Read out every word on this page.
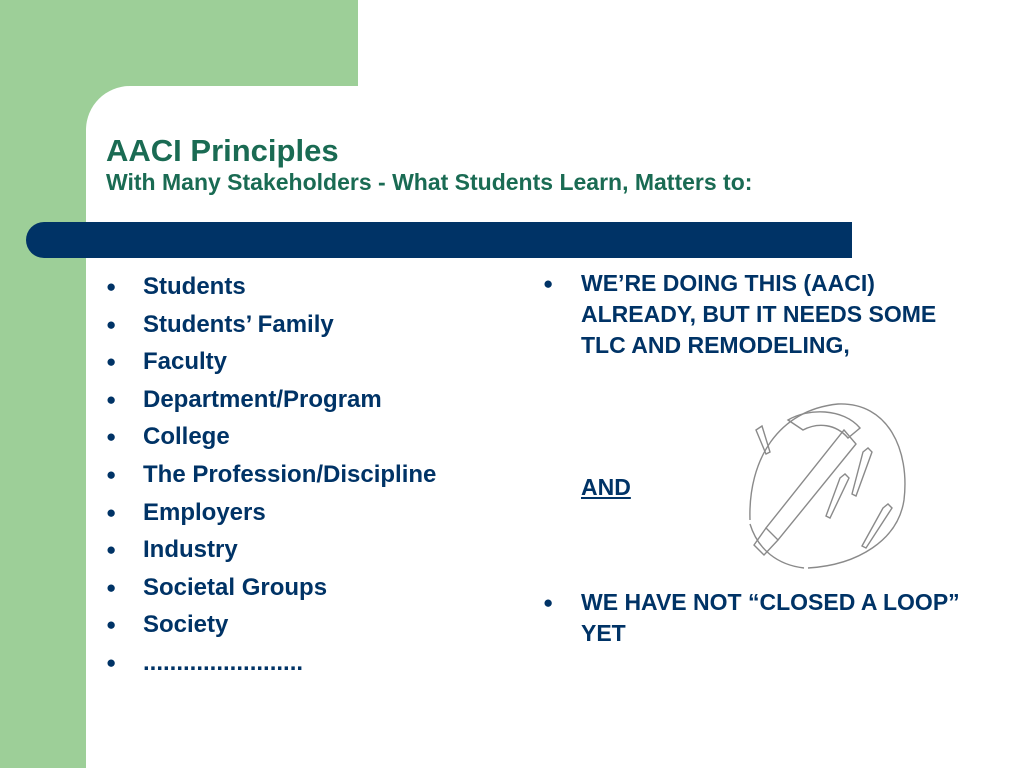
AACI Principles
With Many Stakeholders - What Students Learn, Matters to:
● Students
● Students’ Family
● Faculty
● Department/Program
● College
● The Profession/Discipline
● Employers
● Industry
● Societal Groups
● Society
● ........................
●	WE’RE DOING THIS (AACI) ALREADY, BUT IT NEEDS SOME TLC AND REMODELING,
AND
●	WE HAVE NOT “CLOSED A LOOP” YET
